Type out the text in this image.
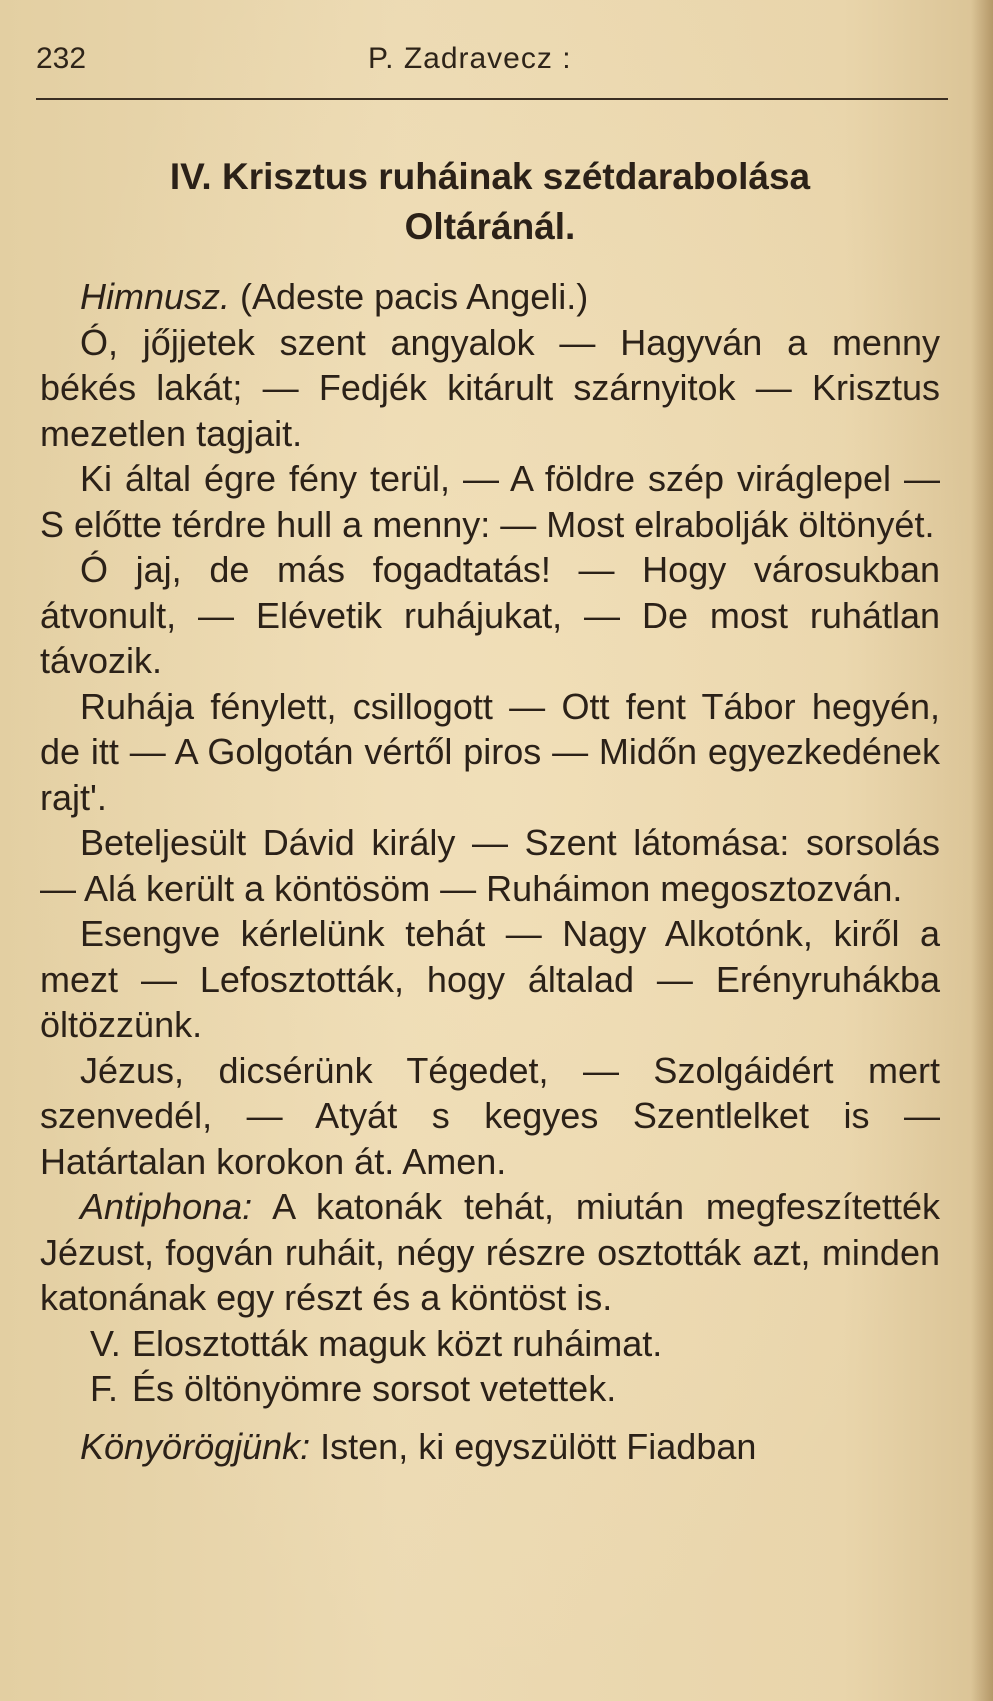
232	P. Zadravecz :
IV. Krisztus ruháinak szétdarabolása
Oltáránál.

Himnusz. (Adeste pacis Angeli.)

Ó, jőjjetek szent angyalok — Hagyván a menny békés lakát; — Fedjék kitárult szárnyitok — Krisztus mezetlen tagjait.

Ki által égre fény terül, — A földre szép viráglepel — S előtte térdre hull a menny: — Most elrabolják öltönyét.

Ó jaj, de más fogadtatás! — Hogy városukban átvonult, — Elévetik ruhájukat, — De most ruhátlan távozik.

Ruhája fénylett, csillogott — Ott fent Tábor hegyén, de itt — A Golgotán vértől piros — Midőn egyezkedének rajt'.

Beteljesült Dávid király — Szent látomása: sorsolás — Alá került a köntösöm — Ruháimon megosztozván.

Esengve kérlelünk tehát — Nagy Alkotónk, kiről a mezt — Lefosztották, hogy általad — Erényruhákba öltözzünk.

Jézus, dicsérünk Tégedet, — Szolgáidért mert szenvedél, — Atyát s kegyes Szentlelket is — Határtalan korokon át. Amen.

Antiphona: A katonák tehát, miután megfeszítették Jézust, fogván ruháit, négy részre osztották azt, minden katonának egy részt és a köntöst is.

V. Elosztották maguk közt ruháimat.

F. És öltönyömre sorsot vetettek.

Könyörögjünk: Isten, ki egyszülött Fiadban
